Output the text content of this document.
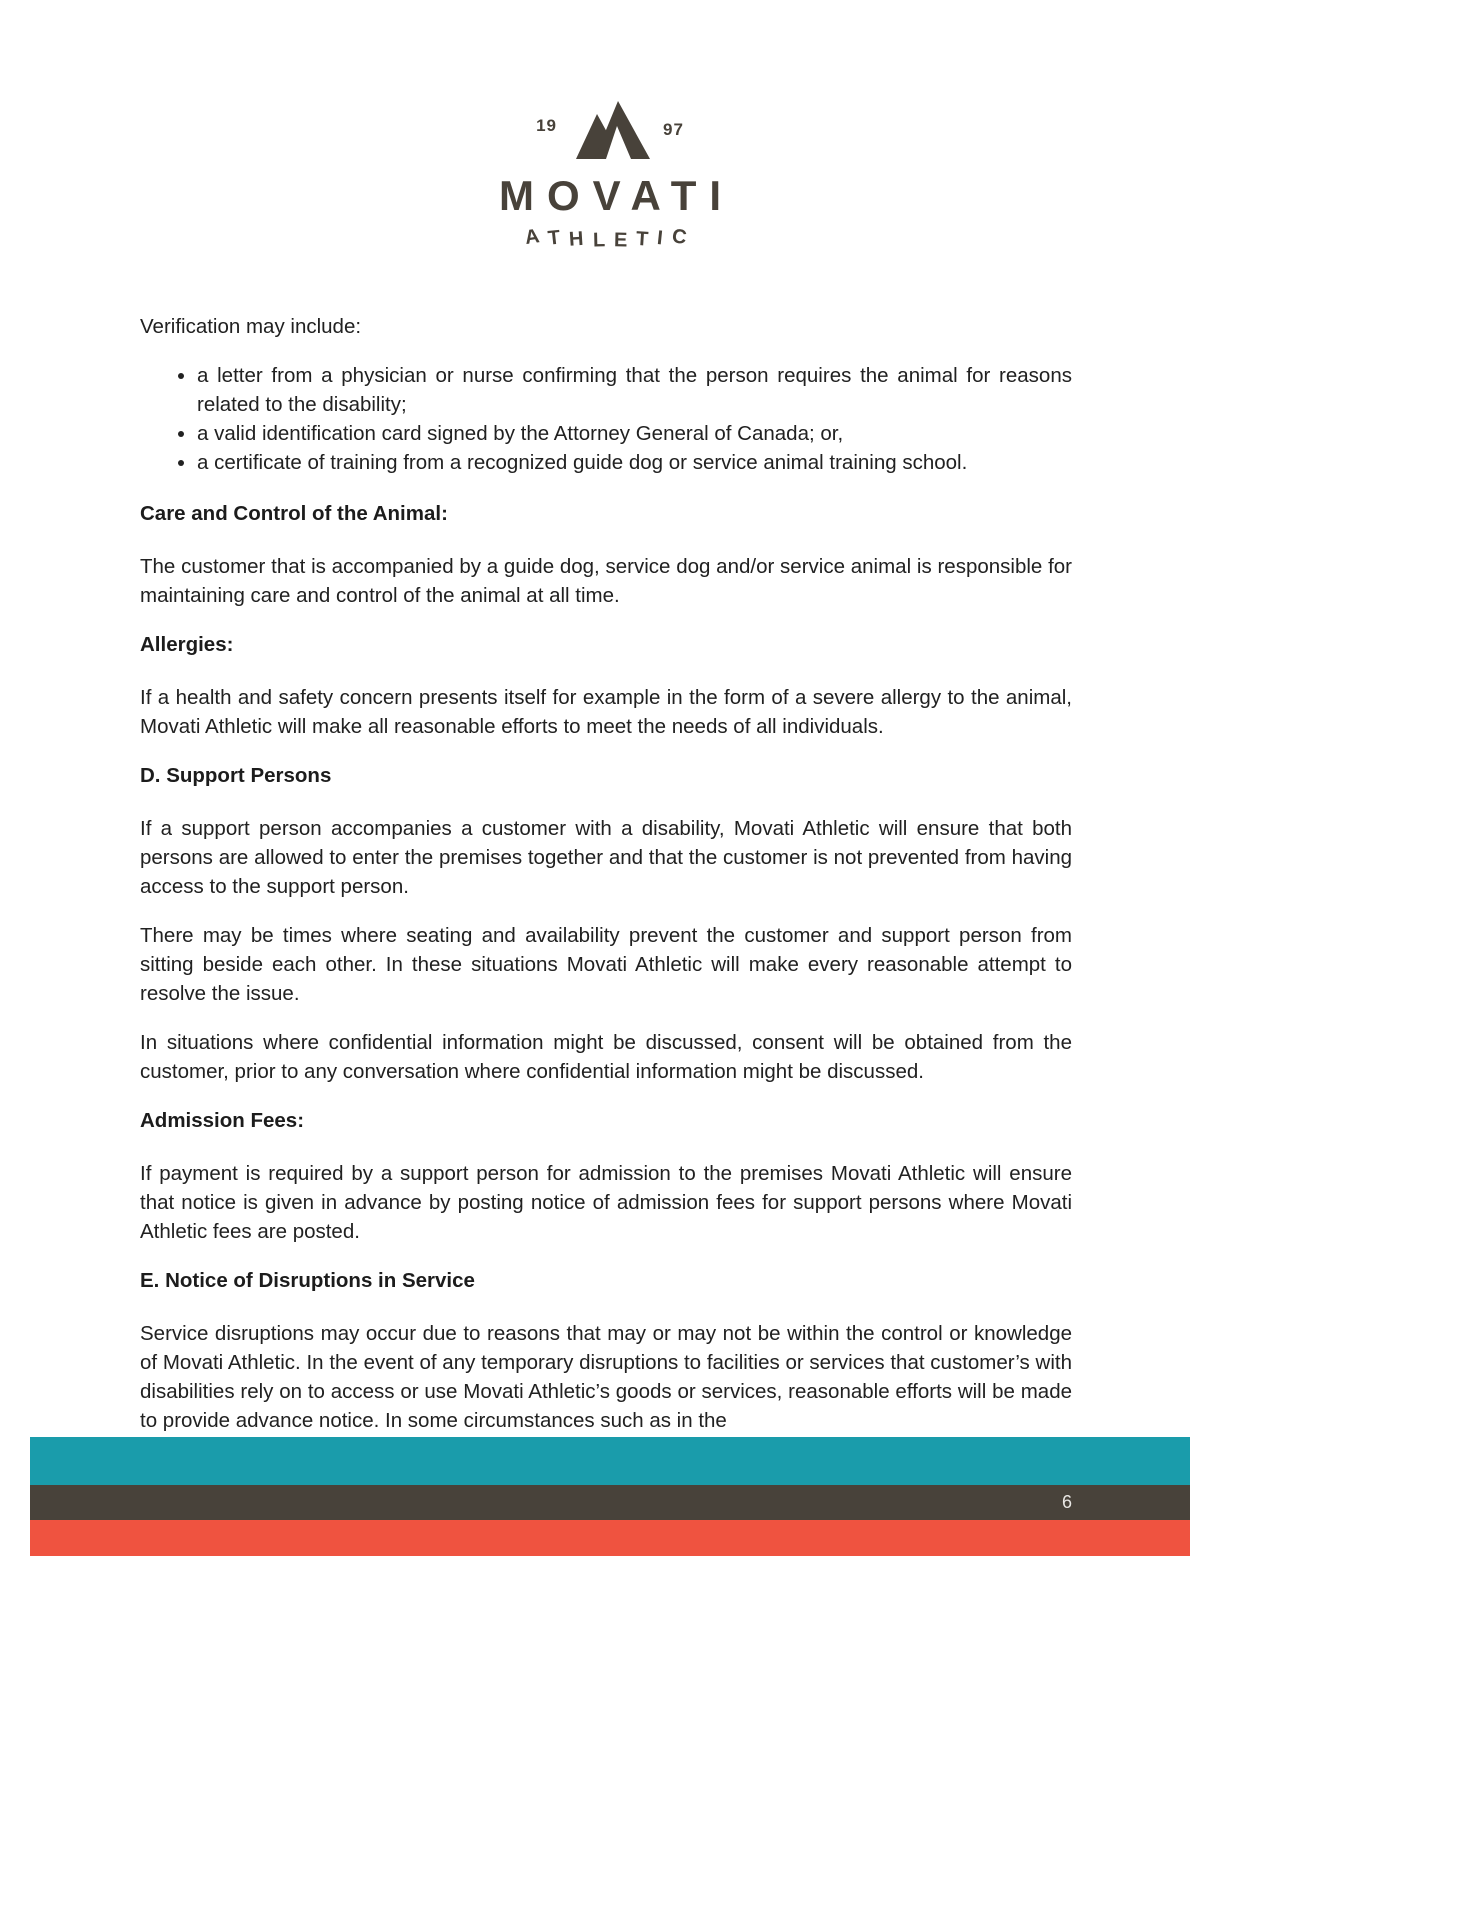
19	97
MOVATI
A T H L E T I C

Verification may include:

• a letter from a physician or nurse confirming that the person requires the animal for reasons related to the disability;
• a valid identification card signed by the Attorney General of Canada; or,
• a certificate of training from a recognized guide dog or service animal training school.
Care and Control of the Animal:

The customer that is accompanied by a guide dog, service dog and/or service animal is responsible for maintaining care and control of the animal at all time.

Allergies:

If a health and safety concern presents itself for example in the form of a severe allergy to the animal, Movati Athletic will make all reasonable efforts to meet the needs of all individuals.

D. Support Persons

If a support person accompanies a customer with a disability, Movati Athletic will ensure that both persons are allowed to enter the premises together and that the customer is not prevented from having access to the support person.

There may be times where seating and availability prevent the customer and support person from sitting beside each other. In these situations Movati Athletic will make every reasonable attempt to resolve the issue.

In situations where confidential information might be discussed, consent will be obtained from the customer, prior to any conversation where confidential information might be discussed.

Admission Fees:

If payment is required by a support person for admission to the premises Movati Athletic will ensure that notice is given in advance by posting notice of admission fees for support persons where Movati Athletic fees are posted.

E. Notice of Disruptions in Service

Service disruptions may occur due to reasons that may or may not be within the control or knowledge of Movati Athletic. In the event of any temporary disruptions to facilities or services that customer’s with disabilities rely on to access or use Movati Athletic’s goods or services, reasonable efforts will be made to provide advance notice. In some circumstances such as in the

6
